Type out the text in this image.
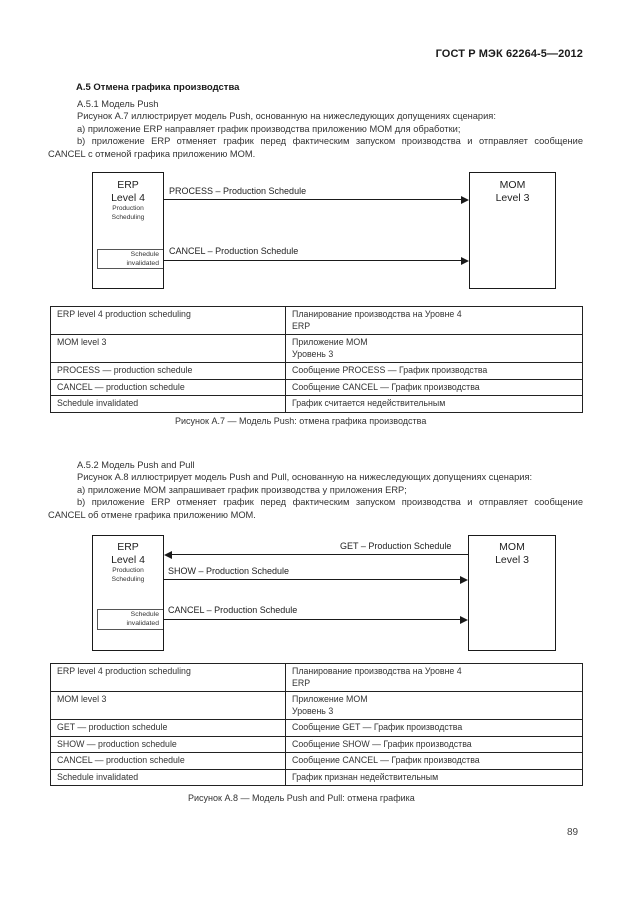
ГОСТ Р МЭК 62264-5—2012
А.5 Отмена графика производства
А.5.1 Модель Push
Рисунок А.7 иллюстрирует модель Push, основанную на нижеследующих допущениях сценария:
а) приложение ERP направляет график производства приложению МОМ для обработки;
b) приложение ERP отменяет график перед фактическим запуском производства и отправляет сообщение
CANCEL с отменой графика приложению МОМ.
ERP
Level 4
Production
Scheduling
Schedule
invalidated
MOM
Level 3
PROCESS – Production Schedule
CANCEL – Production Schedule
ERP level 4 production scheduling	Планирование производства на Уровне 4
ERP

MOM level 3	Приложение МОМ
Уровень 3

PROCESS — production schedule	Сообщение PROCESS — График производства
CANCEL — production schedule	Сообщение CANCEL — График производства
Schedule invalidated	График считается недействительным
Рисунок А.7 — Модель Push: отмена графика производства
А.5.2 Модель Push and Pull
Рисунок А.8 иллюстрирует модель Push and Pull, основанную на нижеследующих допущениях сценария:
а) приложение МОМ запрашивает график производства у приложения ERP;
b) приложение ERP отменяет график перед фактическим запуском производства и отправляет сообщение
CANCEL об отмене графика приложению МОМ.
ERP
Level 4
Production
Scheduling
Schedule
invalidated
MOM
Level 3
GET – Production Schedule
SHOW – Production Schedule
CANCEL – Production Schedule
ERP level 4 production scheduling	Планирование производства на Уровне 4
ERP

MOM level 3	Приложение МОМ
Уровень 3

GET — production schedule	Сообщение GET — График производства
SHOW — production schedule	Сообщение SHOW — График производства
CANCEL — production schedule	Сообщение CANCEL — График производства
Schedule invalidated	График признан недействительным
Рисунок А.8 — Модель Push and Pull: отмена графика
89
